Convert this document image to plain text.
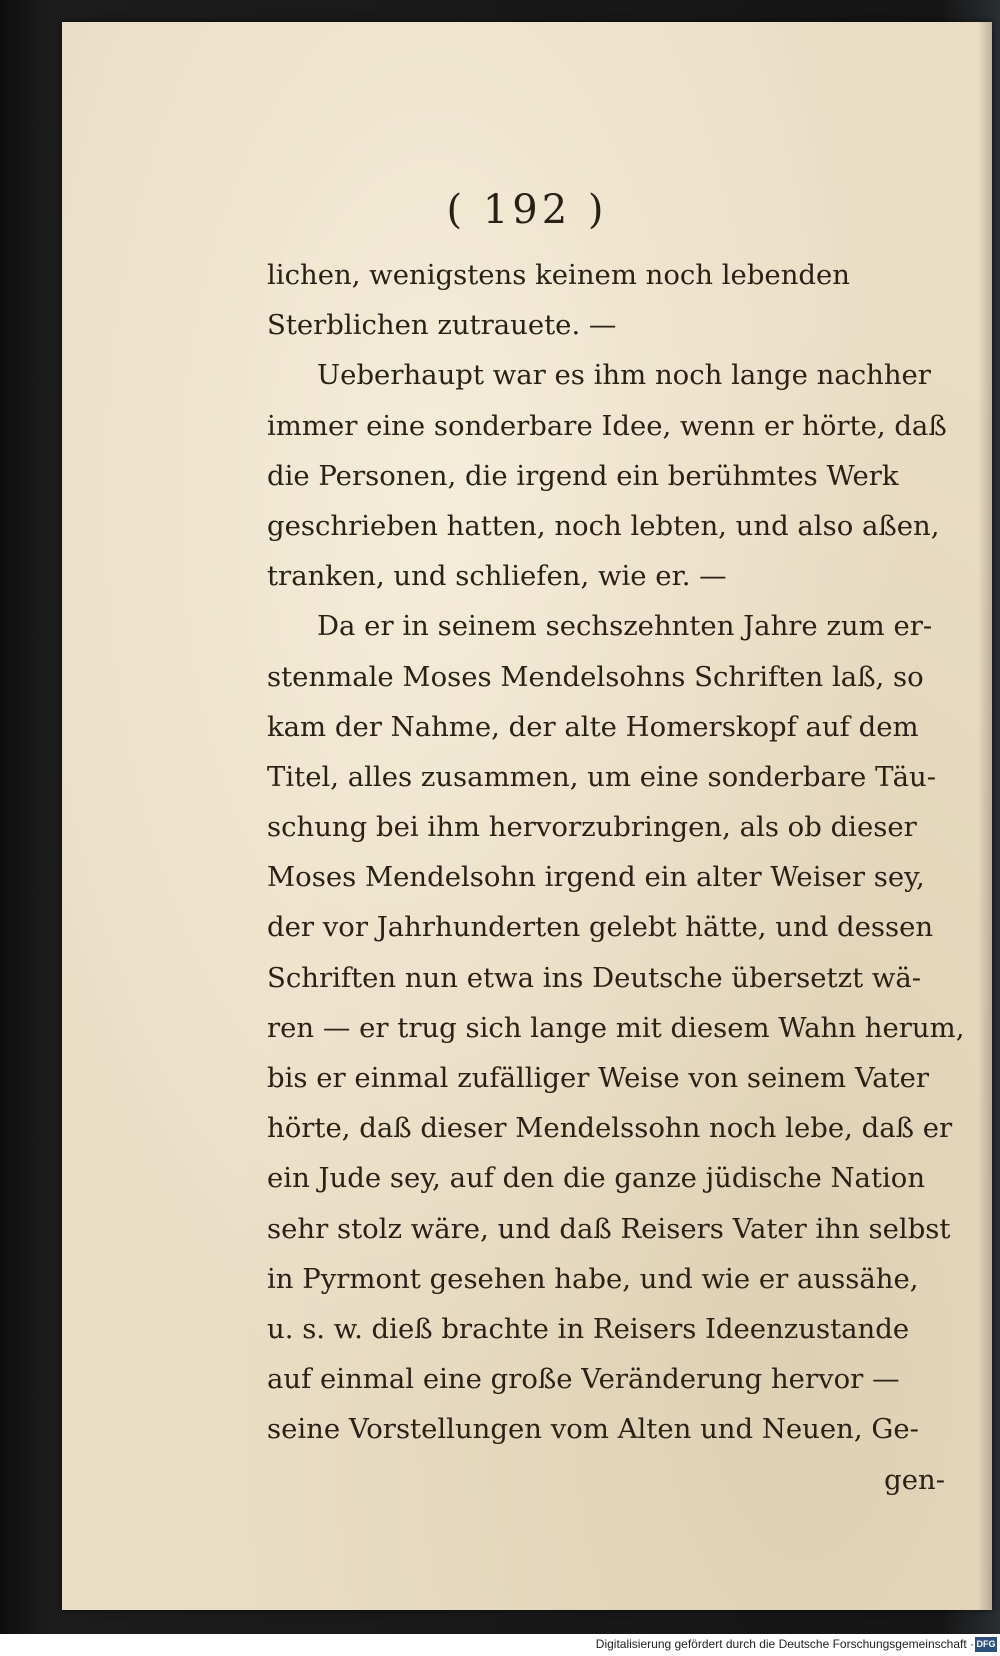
( 192 )
lichen, wenigstens keinem noch lebenden
Sterblichen zutrauete. —
Ueberhaupt war es ihm noch lange nachher
immer eine sonderbare Idee, wenn er hörte, daß
die Personen, die irgend ein berühmtes Werk
geschrieben hatten, noch lebten, und also aßen,
tranken, und schliefen, wie er. —
Da er in seinem sechszehnten Jahre zum er-
stenmale Moses Mendelsohns Schriften laß, so
kam der Nahme, der alte Homerskopf auf dem
Titel, alles zusammen, um eine sonderbare Täu-
schung bei ihm hervorzubringen, als ob dieser
Moses Mendelsohn irgend ein alter Weiser sey,
der vor Jahrhunderten gelebt hätte, und dessen
Schriften nun etwa ins Deutsche übersetzt wä-
ren — er trug sich lange mit diesem Wahn herum,
bis er einmal zufälliger Weise von seinem Vater
hörte, daß dieser Mendelssohn noch lebe, daß er
ein Jude sey, auf den die ganze jüdische Nation
sehr stolz wäre, und daß Reisers Vater ihn selbst
in Pyrmont gesehen habe, und wie er aussähe,
u. s. w. dieß brachte in Reisers Ideenzustande
auf einmal eine große Veränderung hervor —
seine Vorstellungen vom Alten und Neuen, Ge-
gen-
Digitalisierung gefördert durch die Deutsche Forschungsgemeinschaft · DFG
